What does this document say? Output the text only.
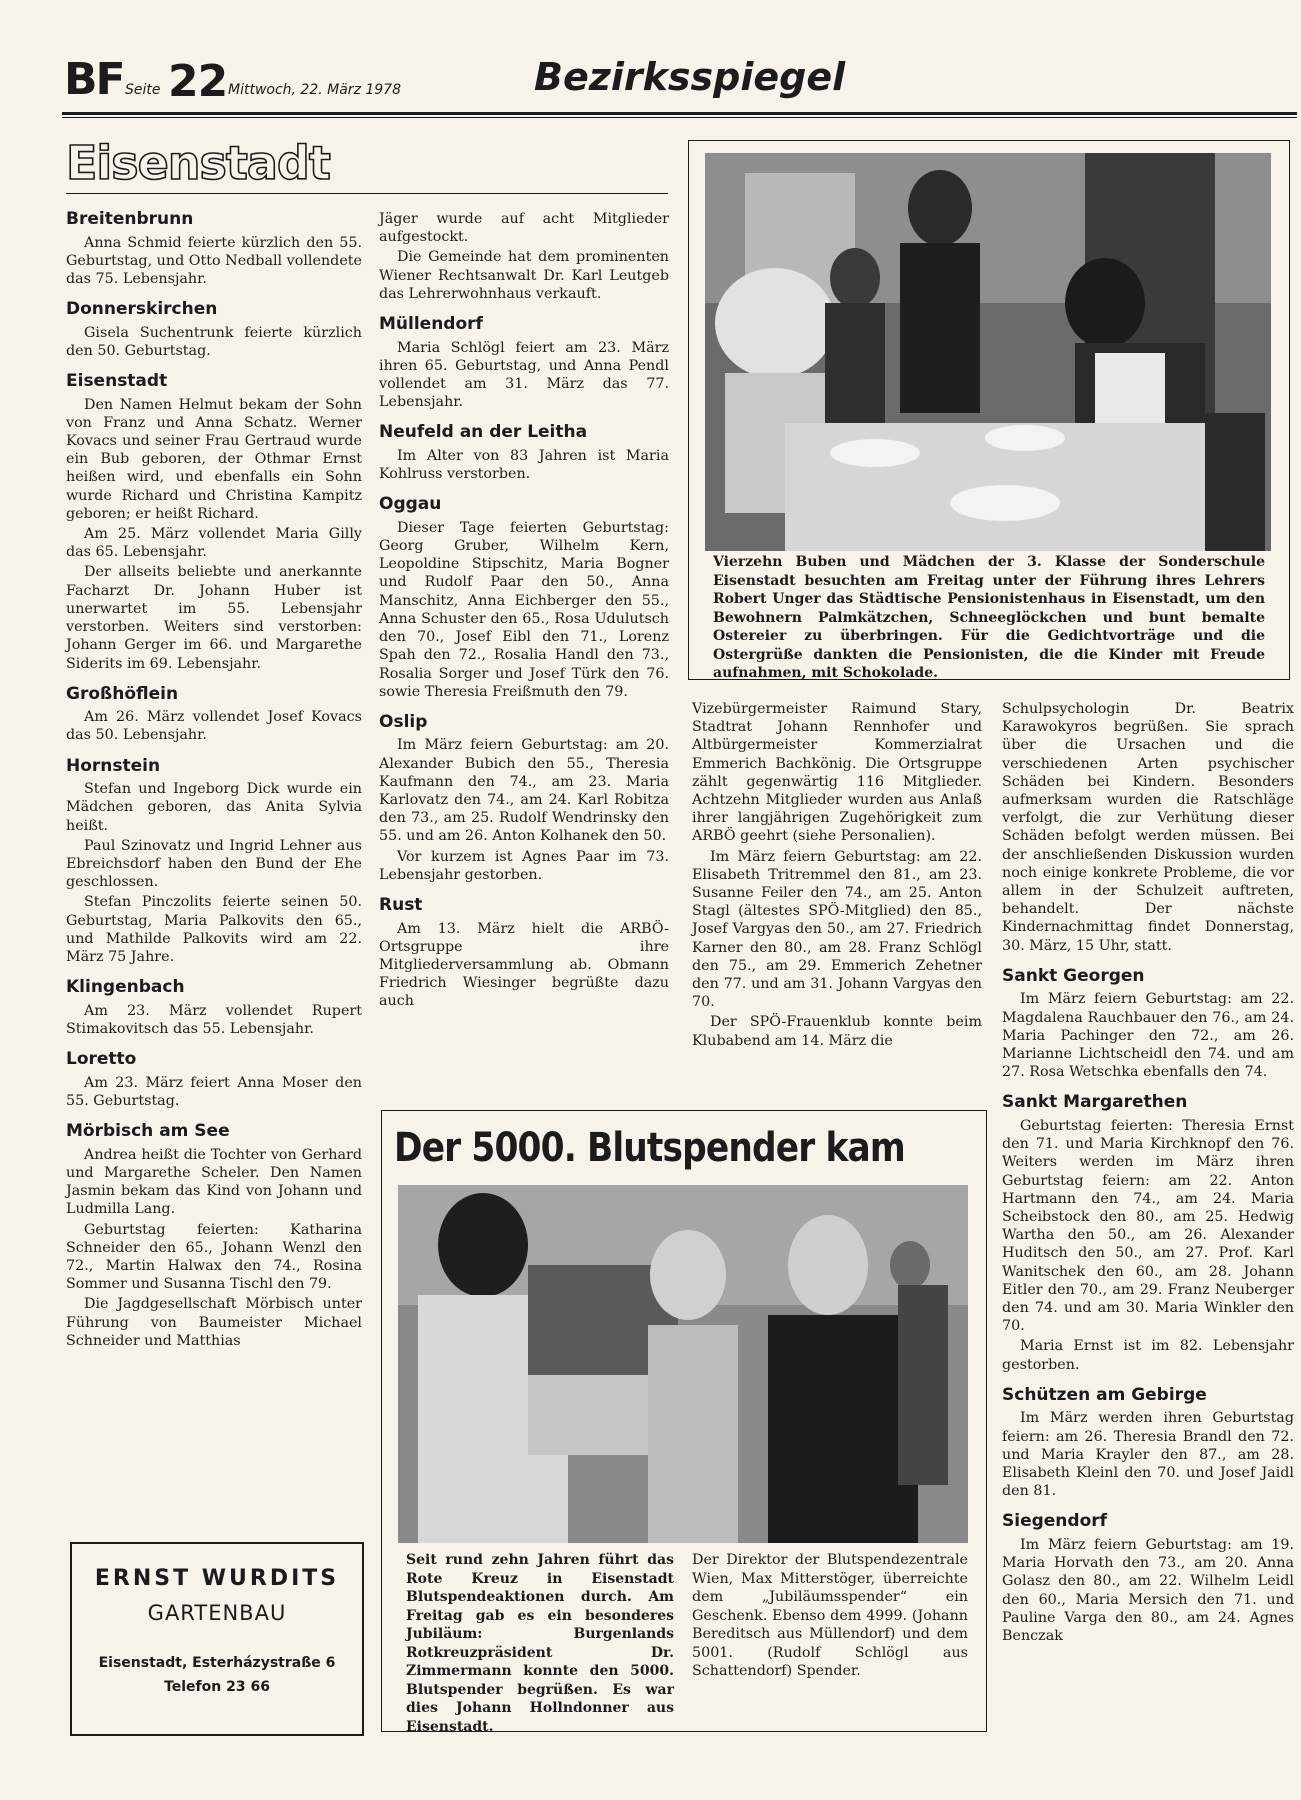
BF Seite 22 Mittwoch, 22. März 1978	Bezirksspiegel
Eisenstadt
Breitenbrunn

Anna Schmid feierte kürzlich den 55. Geburtstag, und Otto Nedball vollendete das 75. Lebensjahr.

Donnerskirchen

Gisela Suchentrunk feierte kürzlich den 50. Geburtstag.

Eisenstadt

Den Namen Helmut bekam der Sohn von Franz und Anna Schatz. Werner Kovacs und seiner Frau Gertraud wurde ein Bub geboren, der Othmar Ernst heißen wird, und ebenfalls ein Sohn wurde Richard und Christina Kampitz geboren; er heißt Richard.

Am 25. März vollendet Maria Gilly das 65. Lebensjahr.

Der allseits beliebte und anerkannte Facharzt Dr. Johann Huber ist unerwartet im 55. Lebensjahr verstorben. Weiters sind verstorben: Johann Gerger im 66. und Margarethe Siderits im 69. Lebensjahr.

Großhöflein

Am 26. März vollendet Josef Kovacs das 50. Lebensjahr.

Hornstein

Stefan und Ingeborg Dick wurde ein Mädchen geboren, das Anita Sylvia heißt.

Paul Szinovatz und Ingrid Lehner aus Ebreichsdorf haben den Bund der Ehe geschlossen.

Stefan Pinczolits feierte seinen 50. Geburtstag, Maria Palkovits den 65., und Mathilde Palkovits wird am 22. März 75 Jahre.

Klingenbach

Am 23. März vollendet Rupert Stimakovitsch das 55. Lebensjahr.

Loretto

Am 23. März feiert Anna Moser den 55. Geburtstag.

Mörbisch am See

Andrea heißt die Tochter von Gerhard und Margarethe Scheler. Den Namen Jasmin bekam das Kind von Johann und Ludmilla Lang.

Geburtstag feierten: Katharina Schneider den 65., Johann Wenzl den 72., Martin Halwax den 74., Rosina Sommer und Susanna Tischl den 79.

Die Jagdgesellschaft Mörbisch unter Führung von Baumeister Michael Schneider und Matthias

ERNST WURDITS
GARTENBAU
Eisenstadt, Esterházystraße 6
Telefon 23 66

Jäger wurde auf acht Mitglieder aufgestockt.

Die Gemeinde hat dem prominenten Wiener Rechtsanwalt Dr. Karl Leutgeb das Lehrerwohnhaus verkauft.

Müllendorf

Maria Schlögl feiert am 23. März ihren 65. Geburtstag, und Anna Pendl vollendet am 31. März das 77. Lebensjahr.

Neufeld an der Leitha

Im Alter von 83 Jahren ist Maria Kohlruss verstorben.

Oggau

Dieser Tage feierten Geburtstag: Georg Gruber, Wilhelm Kern, Leopoldine Stipschitz, Maria Bogner und Rudolf Paar den 50., Anna Manschitz, Anna Eichberger den 55., Anna Schuster den 65., Rosa Udulutsch den 70., Josef Eibl den 71., Lorenz Spah den 72., Rosalia Handl den 73., Rosalia Sorger und Josef Türk den 76. sowie Theresia Freißmuth den 79.

Oslip

Im März feiern Geburtstag: am 20. Alexander Bubich den 55., Theresia Kaufmann den 74., am 23. Maria Karlovatz den 74., am 24. Karl Robitza den 73., am 25. Rudolf Wendrinsky den 55. und am 26. Anton Kolhanek den 50.

Vor kurzem ist Agnes Paar im 73. Lebensjahr gestorben.

Rust

Am 13. März hielt die ARBÖ-Ortsgruppe ihre Mitgliederversammlung ab. Obmann Friedrich Wiesinger begrüßte dazu auch

Vierzehn Buben und Mädchen der 3. Klasse der Sonderschule Eisenstadt besuchten am Freitag unter der Führung ihres Lehrers Robert Unger das Städtische Pensionistenhaus in Eisenstadt, um den Bewohnern Palmkätzchen, Schneeglöckchen und bunt bemalte Ostereier zu überbringen. Für die Gedichtvorträge und die Ostergrüße dankten die Pensionisten, die die Kinder mit Freude aufnahmen, mit Schokolade.

Vizebürgermeister Raimund Stary, Stadtrat Johann Rennhofer und Altbürgermeister Kommerzialrat Emmerich Bachkönig. Die Ortsgruppe zählt gegenwärtig 116 Mitglieder. Achtzehn Mitglieder wurden aus Anlaß ihrer langjährigen Zugehörigkeit zum ARBÖ geehrt (siehe Personalien).

Im März feiern Geburtstag: am 22. Elisabeth Tritremmel den 81., am 23. Susanne Feiler den 74., am 25. Anton Stagl (ältestes SPÖ-Mitglied) den 85., Josef Vargyas den 50., am 27. Friedrich Karner den 80., am 28. Franz Schlögl den 75., am 29. Emmerich Zehetner den 77. und am 31. Johann Vargyas den 70.

Der SPÖ-Frauenklub konnte beim Klubabend am 14. März die

Schulpsychologin Dr. Beatrix Karawokyros begrüßen. Sie sprach über die Ursachen und die verschiedenen Arten psychischer Schäden bei Kindern. Besonders aufmerksam wurden die Ratschläge verfolgt, die zur Verhütung dieser Schäden befolgt werden müssen. Bei der anschließenden Diskussion wurden noch einige konkrete Probleme, die vor allem in der Schulzeit auftreten, behandelt. Der nächste Kindernachmittag findet Donnerstag, 30. März, 15 Uhr, statt.

Sankt Georgen

Im März feiern Geburtstag: am 22. Magdalena Rauchbauer den 76., am 24. Maria Pachinger den 72., am 26. Marianne Lichtscheidl den 74. und am 27. Rosa Wetschka ebenfalls den 74.

Sankt Margarethen

Geburtstag feierten: Theresia Ernst den 71. und Maria Kirchknopf den 76. Weiters werden im März ihren Geburtstag feiern: am 22. Anton Hartmann den 74., am 24. Maria Scheibstock den 80., am 25. Hedwig Wartha den 50., am 26. Alexander Huditsch den 50., am 27. Prof. Karl Wanitschek den 60., am 28. Johann Eitler den 70., am 29. Franz Neuberger den 74. und am 30. Maria Winkler den 70.

Maria Ernst ist im 82. Lebensjahr gestorben.

Schützen am Gebirge

Im März werden ihren Geburtstag feiern: am 26. Theresia Brandl den 72. und Maria Krayler den 87., am 28. Elisabeth Kleinl den 70. und Josef Jaidl den 81.

Siegendorf

Im März feiern Geburtstag: am 19. Maria Horvath den 73., am 20. Anna Golasz den 80., am 22. Wilhelm Leidl den 60., Maria Mersich den 71. und Pauline Varga den 80., am 24. Agnes Benczak

Der 5000. Blutspender kam
Seit rund zehn Jahren führt das Rote Kreuz in Eisenstadt Blutspendeaktionen durch. Am Freitag gab es ein besonderes Jubiläum: Burgenlands Rotkreuzpräsident Dr. Zimmermann konnte den 5000. Blutspender begrüßen. Es war dies Johann Hollndonner aus Eisenstadt.
Der Direktor der Blutspendezentrale Wien, Max Mitterstöger, überreichte dem „Jubiläumsspender“ ein Geschenk. Ebenso dem 4999. (Johann Bereditsch aus Müllendorf) und dem 5001. (Rudolf Schlögl aus Schattendorf) Spender.
